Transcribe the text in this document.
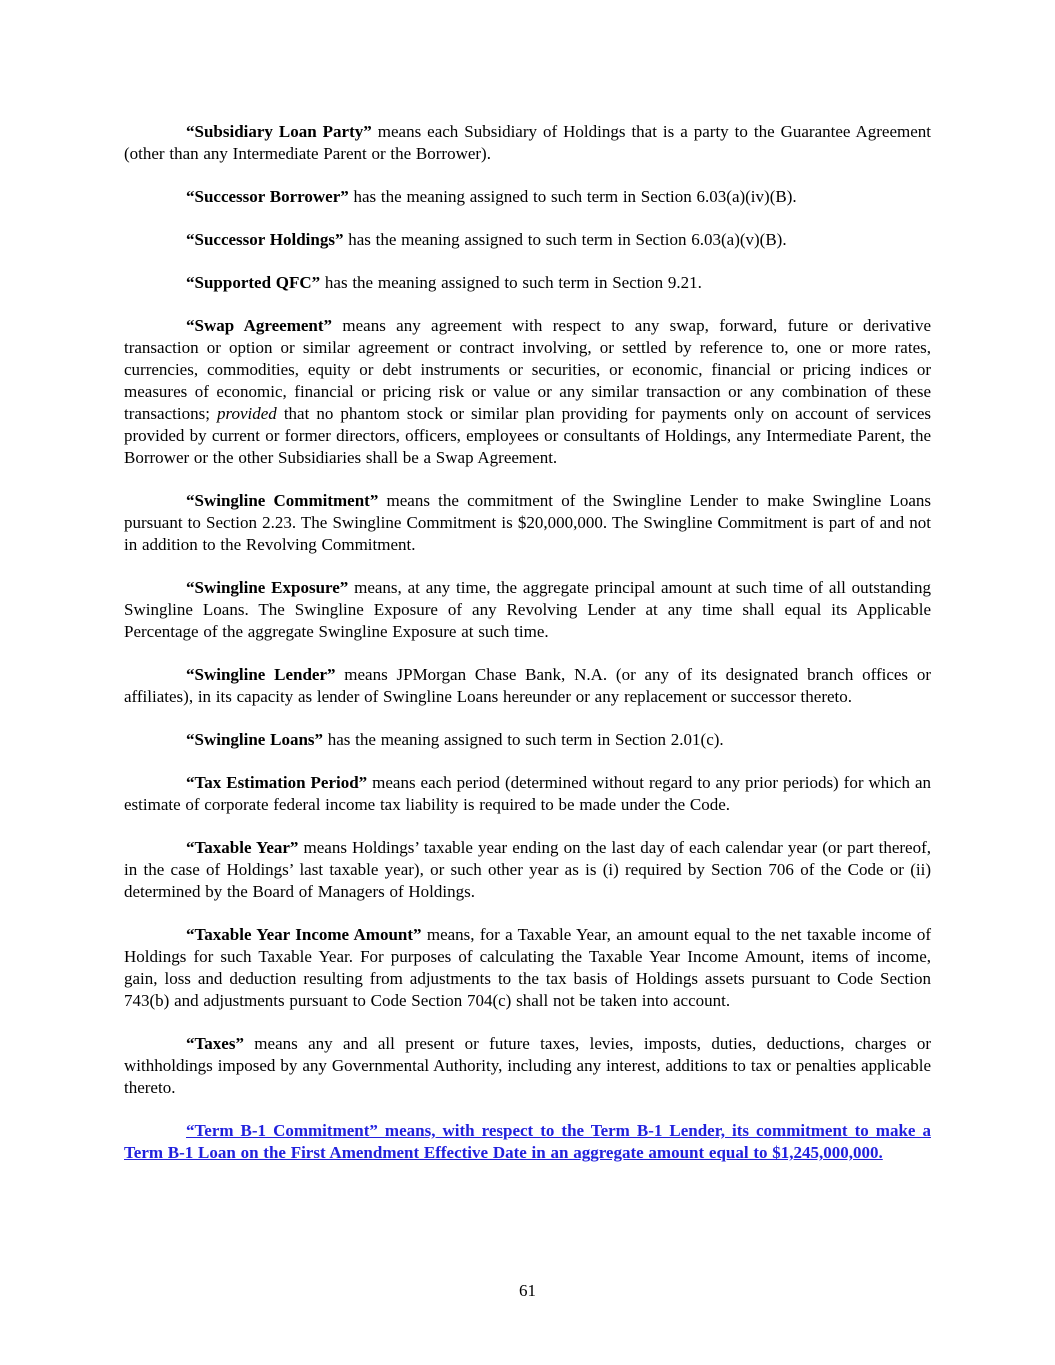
“Subsidiary Loan Party” means each Subsidiary of Holdings that is a party to the Guarantee Agreement (other than any Intermediate Parent or the Borrower).

“Successor Borrower” has the meaning assigned to such term in Section 6.03(a)(iv)(B).

“Successor Holdings” has the meaning assigned to such term in Section 6.03(a)(v)(B).

“Supported QFC” has the meaning assigned to such term in Section 9.21.

“Swap Agreement” means any agreement with respect to any swap, forward, future or derivative transaction or option or similar agreement or contract involving, or settled by reference to, one or more rates, currencies, commodities, equity or debt instruments or securities, or economic, financial or pricing indices or measures of economic, financial or pricing risk or value or any similar transaction or any combination of these transactions; provided that no phantom stock or similar plan providing for payments only on account of services provided by current or former directors, officers, employees or consultants of Holdings, any Intermediate Parent, the Borrower or the other Subsidiaries shall be a Swap Agreement.

“Swingline Commitment” means the commitment of the Swingline Lender to make Swingline Loans pursuant to Section 2.23. The Swingline Commitment is $20,000,000. The Swingline Commitment is part of and not in addition to the Revolving Commitment.

“Swingline Exposure” means, at any time, the aggregate principal amount at such time of all outstanding Swingline Loans. The Swingline Exposure of any Revolving Lender at any time shall equal its Applicable Percentage of the aggregate Swingline Exposure at such time.

“Swingline Lender” means JPMorgan Chase Bank, N.A. (or any of its designated branch offices or affiliates), in its capacity as lender of Swingline Loans hereunder or any replacement or successor thereto.

“Swingline Loans” has the meaning assigned to such term in Section 2.01(c).

“Tax Estimation Period” means each period (determined without regard to any prior periods) for which an estimate of corporate federal income tax liability is required to be made under the Code.

“Taxable Year” means Holdings’ taxable year ending on the last day of each calendar year (or part thereof, in the case of Holdings’ last taxable year), or such other year as is (i) required by Section 706 of the Code or (ii) determined by the Board of Managers of Holdings.

“Taxable Year Income Amount” means, for a Taxable Year, an amount equal to the net taxable income of Holdings for such Taxable Year. For purposes of calculating the Taxable Year Income Amount, items of income, gain, loss and deduction resulting from adjustments to the tax basis of Holdings assets pursuant to Code Section 743(b) and adjustments pursuant to Code Section 704(c) shall not be taken into account.

“Taxes” means any and all present or future taxes, levies, imposts, duties, deductions, charges or withholdings imposed by any Governmental Authority, including any interest, additions to tax or penalties applicable thereto.

“Term B-1 Commitment” means, with respect to the Term B-1 Lender, its commitment to make a Term B-1 Loan on the First Amendment Effective Date in an aggregate amount equal to $1,245,000,000.

61
